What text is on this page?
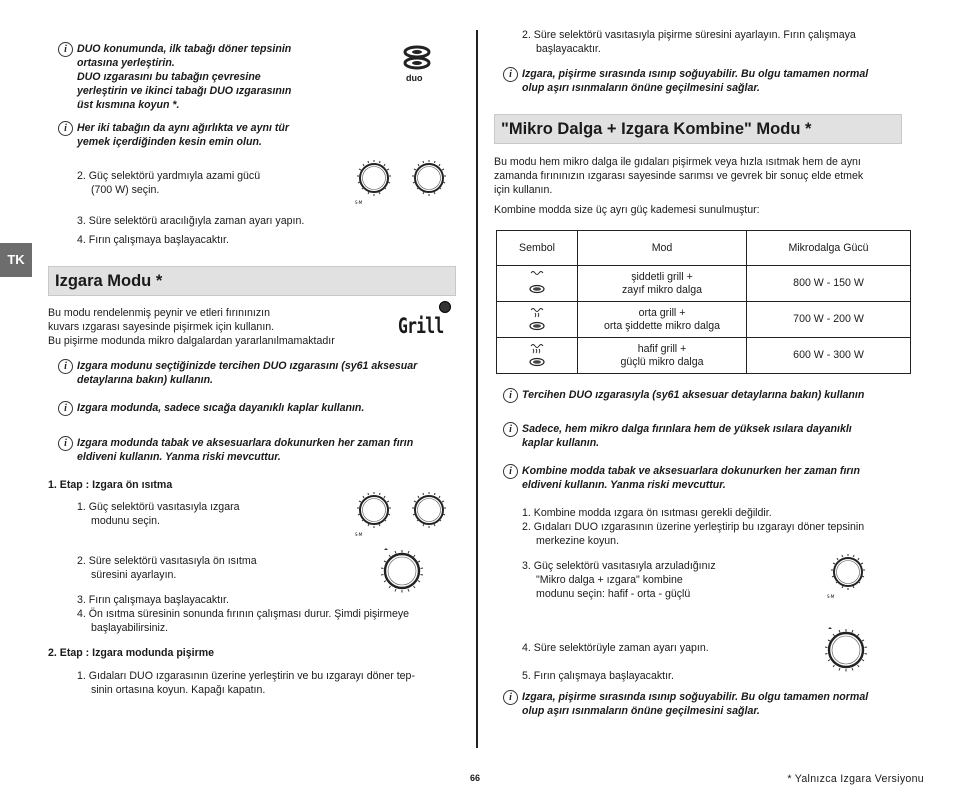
TK
i DUO konumunda, ilk tabağı döner tepsinin
ortasına yerleştirin.
DUO ızgarasını bu tabağın çevresine
yerleştirin ve ikinci tabağı DUO ızgarasının
üst kısmına koyun *.
duo
i Her iki tabağın da aynı ağırlıkta ve aynı tür
yemek içerdiğinden kesin emin olun.
2. Güç selektörü yardmıyla azami gücü
(700 W) seçin.
S·M
3. Süre selektörü aracılığıyla zaman ayarı yapın.
4. Fırın çalışmaya başlayacaktır.
Izgara Modu *
Grill
Bu modu rendelenmiş peynir ve etleri fırınınızın
kuvars ızgarası sayesinde pişirmek için kullanın.
Bu pişirme modunda mikro dalgalardan yararlanılmamaktadır
i Izgara modunu seçtiğinizde tercihen DUO ızgarasını (sy61 aksesuar
detaylarına bakın) kullanın.
i Izgara modunda, sadece sıcağa dayanıklı kaplar kullanın.
i Izgara modunda tabak ve aksesuarlara dokunurken her zaman fırın
eldiveni kullanın. Yanma riski mevcuttur.
1. Etap : Izgara ön ısıtma
1. Güç selektörü vasıtasıyla ızgara
modunu seçin.
S·M
2. Süre selektörü vasıtasıyla ön ısıtma
süresini ayarlayın.
3. Fırın çalışmaya başlayacaktır.
4. Ön ısıtma süresinin sonunda fırının çalışması durur. Şimdi pişirmeye
başlayabilirsiniz.
2. Etap : Izgara modunda pişirme
1. Gıdaları DUO ızgarasının üzerine yerleştirin ve bu ızgarayı döner tep-
sinin ortasına koyun. Kapağı kapatın.
2. Süre selektörü vasıtasıyla pişirme süresini ayarlayın. Fırın çalışmaya
başlayacaktır.
i Izgara, pişirme sırasında ısınıp soğuyabilir. Bu olgu tamamen normal
olup aşırı ısınmaların önüne geçilmesini sağlar.
"Mikro Dalga + Izgara Kombine" Modu *
Bu modu hem mikro dalga ile gıdaları pişirmek veya hızla ısıtmak hem de aynı
zamanda fırınınızın ızgarası sayesinde sarımsı ve gevrek bir sonuç elde etmek
için kullanın.
Kombine modda size üç ayrı güç kademesi sunulmuştur:
Sembol	Mod	Mikrodalga Gücü

şiddetli grill +
zayıf mikro dalga	800 W - 150 W

orta grill +
orta şiddette mikro dalga	700 W - 200 W

hafif grill +
güçlü mikro dalga	600 W - 300 W
i Tercihen DUO ızgarasıyla (sy61 aksesuar detaylarına bakın) kullanın
i Sadece, hem mikro dalga fırınlara hem de yüksek ısılara dayanıklı
kaplar kullanın.
i Kombine modda tabak ve aksesuarlara dokunurken her zaman fırın
eldiveni kullanın. Yanma riski mevcuttur.
1. Kombine modda ızgara ön ısıtması gerekli değildir.
2. Gıdaları DUO ızgarasının üzerine yerleştirip bu ızgarayı döner tepsinin
merkezine koyun.
3. Güç selektörü vasıtasıyla arzuladığınız
"Mikro dalga + ızgara" kombine
modunu seçin: hafif - orta - güçlü	S·M
4. Süre selektörüyle zaman ayarı yapın.
5. Fırın çalışmaya başlayacaktır.
i Izgara, pişirme sırasında ısınıp soğuyabilir. Bu olgu tamamen normal
olup aşırı ısınmaların önüne geçilmesini sağlar.
66	* Yalnızca Izgara Versiyonu
